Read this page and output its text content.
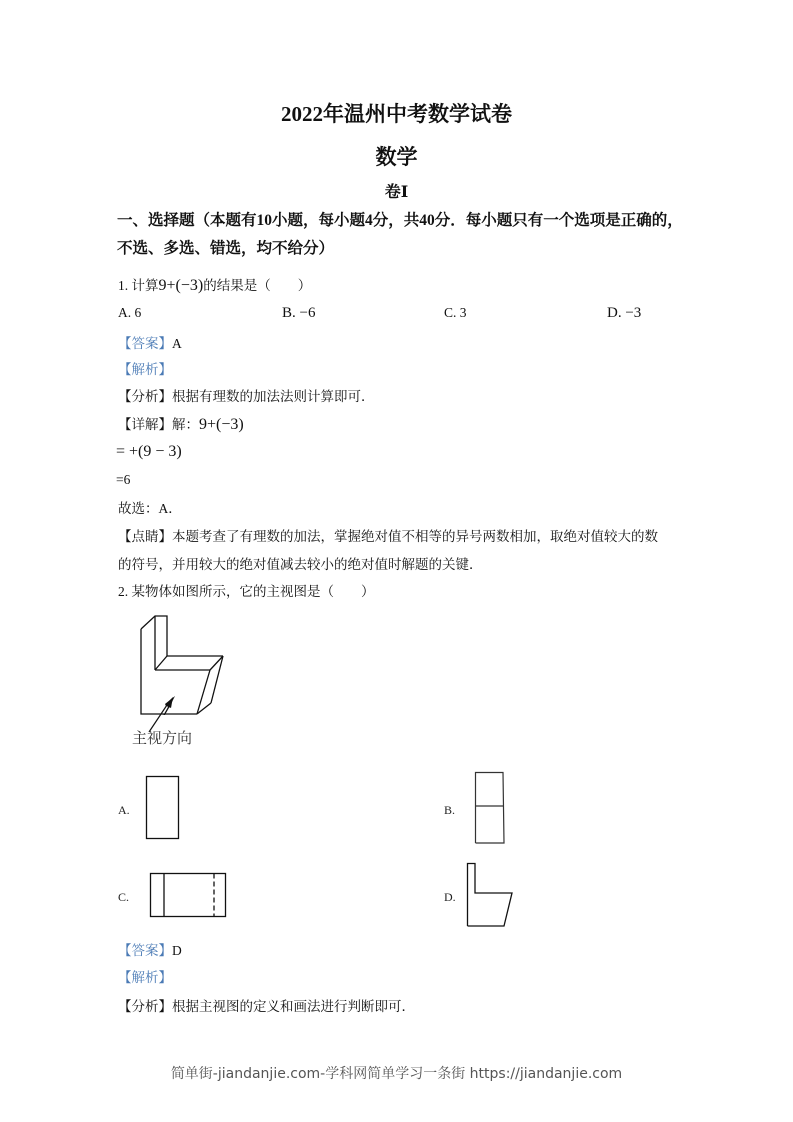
2022年温州中考数学试卷
数学
卷Ⅰ
一、选择题（本题有10小题，每小题4分，共40分．每小题只有一个选项是正确的，不选、多选、错选，均不给分）
1. 计算9+(−3)的结果是（　　）
A. 6	B. −6	C. 3	D. −3
【答案】A
【解析】
【分析】根据有理数的加法法则计算即可．
【详解】解：9+(−3)
= +(9 − 3)
=6
故选：A．
【点睛】本题考查了有理数的加法，掌握绝对值不相等的异号两数相加，取绝对值较大的数
的符号，并用较大的绝对值减去较小的绝对值时解题的关键．
2. 某物体如图所示，它的主视图是（　　）
主视方向
A.	B.
C.	D.
【答案】D
【解析】
【分析】根据主视图的定义和画法进行判断即可．
简单街-jiandanjie.com-学科网简单学习一条街 https://jiandanjie.com
